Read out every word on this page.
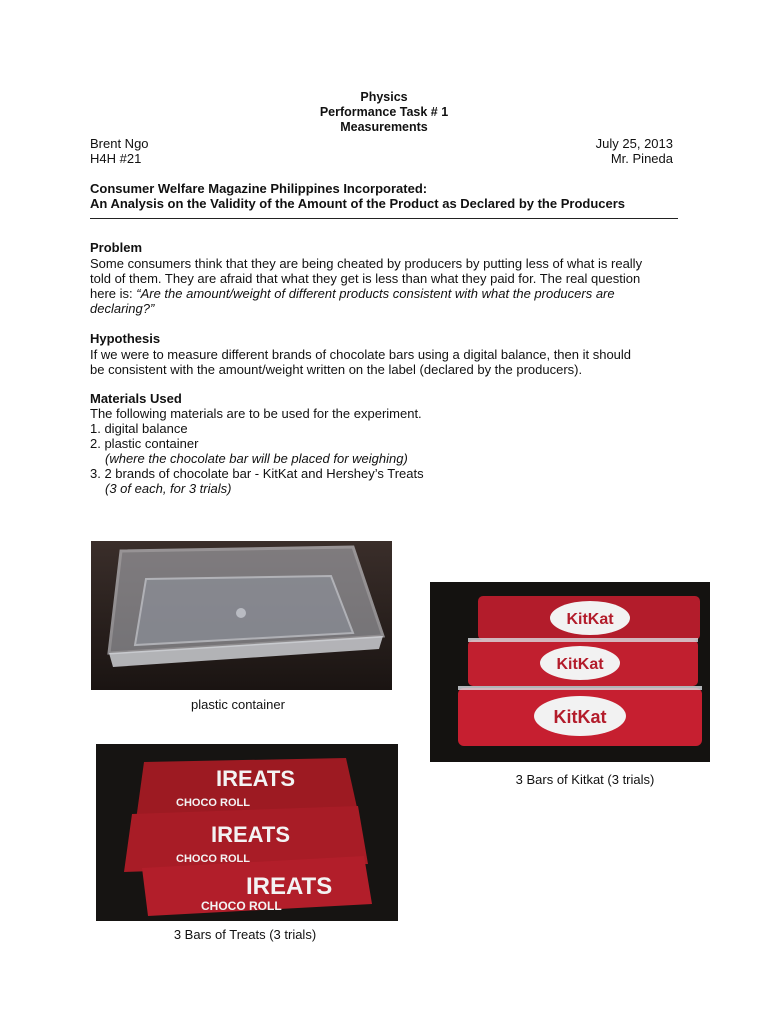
Physics
Performance Task # 1
Measurements
Brent Ngo
H4H #21
July 25, 2013
Mr. Pineda
Consumer Welfare Magazine Philippines Incorporated:
An Analysis on the Validity of the Amount of the Product as Declared by the Producers
Problem
Some consumers think that they are being cheated by producers by putting less of what is really
told of them. They are afraid that what they get is less than what they paid for. The real question
here is: “Are the amount/weight of different products consistent with what the producers are
declaring?”
Hypothesis
If we were to measure different brands of chocolate bars using a digital balance, then it should
be consistent with the amount/weight written on the label (declared by the producers).
Materials Used
The following materials are to be used for the experiment.
1. digital balance
2. plastic container
(where the chocolate bar will be placed for weighing)
3. 2 brands of chocolate bar - KitKat and Hershey’s Treats
(3 of each, for 3 trials)
plastic container
KitKat
KitKat
KitKat
3 Bars of Kitkat (3 trials)
IREATS
CHOCO ROLL
IREATS
CHOCO ROLL
IREATS
CHOCO ROLL
3 Bars of Treats (3 trials)
